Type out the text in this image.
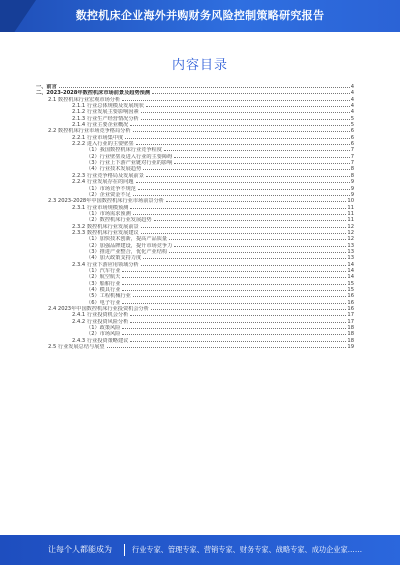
数控机床企业海外并购财务风险控制策略研究报告
内容目录
一、前言	4
二、2023-2028年数控机床市场前景及趋势预测	4
2.1 数控机床行业宏观市场分析	4
2.1.1 行业总体规模及发展现状	4
2.1.2 行业发展主要影响因素	4
2.1.3 行业生产经营情况分析	5
2.1.4 行业主要企业概况	5
2.2 数控机床行业市场竞争格局分析	6
2.2.1 行业市场集中度	6
2.2.2 进入行业的主要壁垒	6
（1）我国数控机床行业竞争程度	7
（2）行业壁垒及进入行业的主要障碍	7
（3）行业上下游产业链对行业的影响	7
（4）行业技术发展趋势	8
2.2.3 行业竞争格局及发展前景	8
2.2.4 行业发展存在的问题	9
（1）市场竞争不规范	9
（2）企业资金不足	9
2.3 2023-2028年中国数控机床行业市场前景分析	10
2.3.1 行业市场规模预测	11
（1）市场需求预测	11
（2）数控机床行业发展趋势	11
2.3.2 数控机床行业发展前景	12
2.3.3 数控机床行业发展建议	12
（1）加快技术创新，提高产品质量	12
（2）加强品牌建设，提升市场竞争力	13
（3）推进产业整合，优化产业结构	13
（4）加大政策支持力度	13
2.3.4 行业下游应用领域分析	14
（1）汽车行业	14
（2）航空航天	14
（3）船舶行业	15
（4）模具行业	15
（5）工程机械行业	16
（6）电子行业	16
2.4 2023年中国数控机床行业投资机会分析	16
2.4.1 行业投资机会分析	17
2.4.2 行业投资风险分析	17
（1）政策风险	18
（2）市场风险	18
2.4.3 行业投资策略建议	18
2.5 行业发展总结与展望	19
让每个人都能成为	行业专家、管理专家、营销专家、财务专家、战略专家、成功企业家……
